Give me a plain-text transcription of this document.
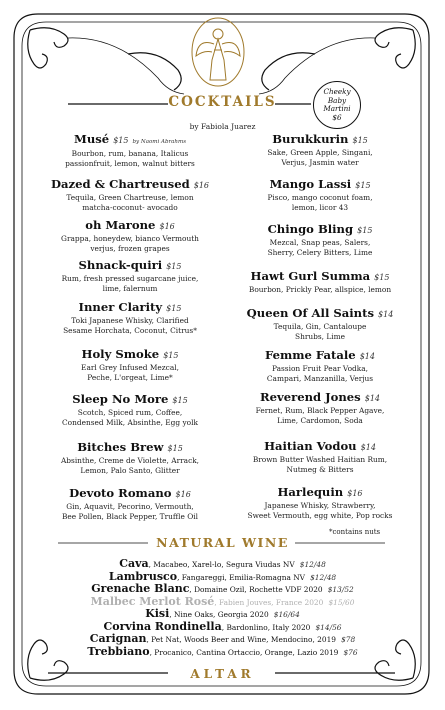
COCKTAILS
by Fabiola Juarez
Cheeky Baby
Martini
$6
Musé $15 by Naomi Abrahms
Bourbon, rum, banana, Italicus
passionfruit, lemon, walnut bitters
Dazed & Chartreused $16
Tequila, Green Chartreuse, lemon
matcha-coconut- avocado
oh Marone $16
Grappa, honeydew, bianco Vermouth
verjus, frozen grapes
Shnack-quiri $15
Rum, fresh pressed sugarcane juice,
lime, falernum
Inner Clarity $15
Toki Japanese Whisky, Clarified
Sesame Horchata, Coconut, Citrus*
Holy Smoke $15
Earl Grey Infused Mezcal,
Peche, L'orgeat, Lime*
Sleep No More $15
Scotch, Spiced rum, Coffee,
Condensed Milk, Absinthe, Egg yolk
Bitches Brew $15
Absinthe, Creme de Violette, Arrack,
Lemon, Palo Santo, Glitter
Devoto Romano $16
Gin, Aquavit, Pecorino, Vermouth,
Bee Pollen, Black Pepper, Truffle Oil
Burukkurin $15
Sake, Green Apple, Singani,
Verjus, Jasmin water
Mango Lassi $15
Pisco, mango coconut foam,
lemon, licor 43
Chingo Bling $15
Mezcal, Snap peas, Salers,
Sherry, Celery Bitters, Lime
Hawt Gurl Summa $15
Bourbon, Prickly Pear, allspice, lemon
Queen Of All Saints $14
Tequila, Gin, Cantaloupe
Shrubs, Lime
Femme Fatale $14
Passion Fruit Pear Vodka,
Campari, Manzanilla, Verjus
Reverend Jones $14
Fernet, Rum, Black Pepper Agave,
Lime, Cardomon, Soda
Haitian Vodou $14
Brown Butter Washed Haitian Rum,
Nutmeg & Bitters
Harlequin $16
Japanese Whisky, Strawberry,
Sweet Vermouth, egg white, Pop rocks
*contains nuts
NATURAL WINE
Cava, Macabeo, Xarel-lo, Segura Viudas NV $12/48
Lambrusco, Fangareggi, Emilia-Romagna NV $12/48
Grenache Blanc, Domaine Ozil, Rochette VDF 2020 $13/52
Malbec Merlot Rosé, Fabien Jouves, France 2020 $15/60
Kisi, Nine Oaks, Georgia 2020 $16/64
Corvina Rondinella, Bardonlino, Italy 2020 $14/56
Carignan, Pet Nat, Woods Beer and Wine, Mendocino, 2019 $78
Trebbiano, Procanico, Cantina Ortaccio, Orange, Lazio 2019 $76
ALTAR
